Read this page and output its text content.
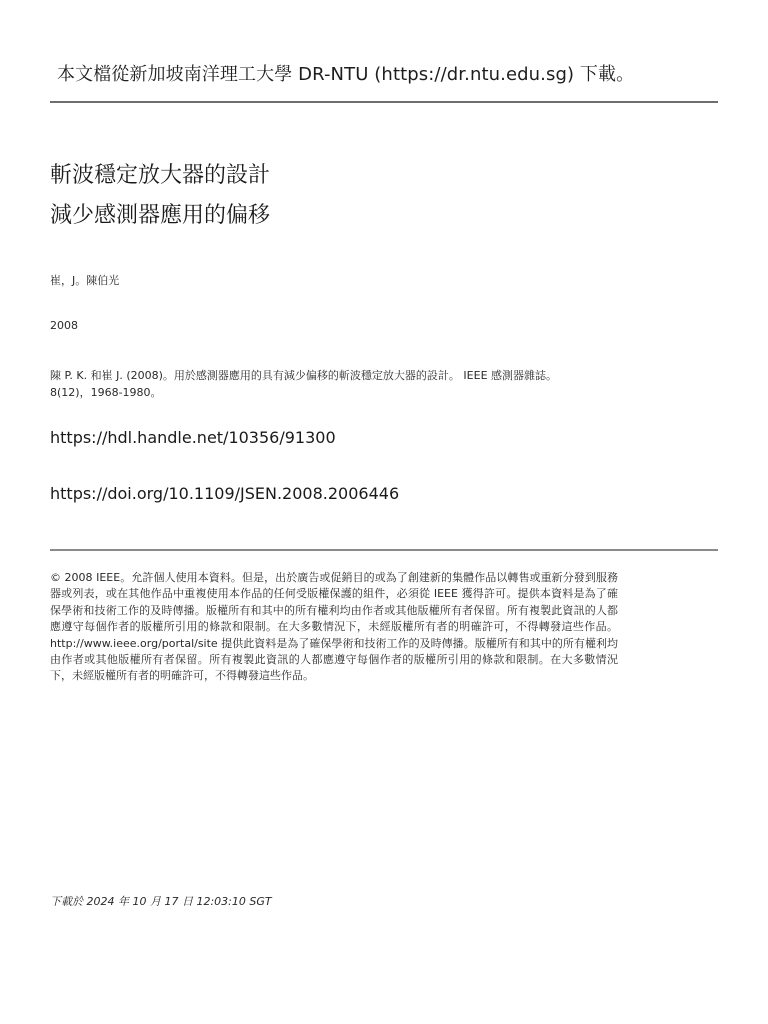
本文檔從新加坡南洋理工大學 DR-NTU (https://dr.ntu.edu.sg) 下載。
斬波穩定放大器的設計
減少感測器應用的偏移
崔，J。陳伯光
2008
陳 P. K. 和崔 J. (2008)。用於感測器應用的具有減少偏移的斬波穩定放大器的設計。 IEEE 感測器雜誌。 8(12)，1968-1980。
https://hdl.handle.net/10356/91300
https://doi.org/10.1109/JSEN.2008.2006446
© 2008 IEEE。允許個人使用本資料。但是，出於廣告或促銷目的或為了創建新的集體作品以轉售或重新分發到服務器或列表，或在其他作品中重複使用本作品的任何受版權保護的組件，必須從 IEEE 獲得許可。提供本資料是為了確保學術和技術工作的及時傳播。版權所有和其中的所有權利均由作者或其他版權所有者保留。所有複製此資訊的人都應遵守每個作者的版權所引用的條款和限制。在大多數情況下，未經版權所有者的明確許可，不得轉發這些作品。 http://www.ieee.org/portal/site 提供此資料是為了確保學術和技術工作的及時傳播。版權所有和其中的所有權利均由作者或其他版權所有者保留。所有複製此資訊的人都應遵守每個作者的版權所引用的條款和限制。在大多數情況下，未經版權所有者的明確許可，不得轉發這些作品。
下載於 2024 年 10 月 17 日 12:03:10 SGT
